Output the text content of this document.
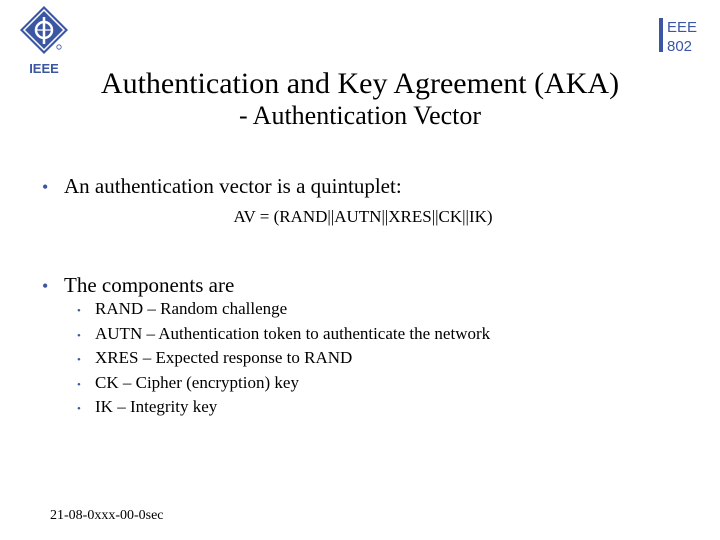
IEEE
EEE
802
Authentication and Key Agreement (AKA)
- Authentication Vector
• An authentication vector is a quintuplet:
AV = (RAND||AUTN||XRES||CK||IK)
• The components are
• RAND – Random challenge
• AUTN – Authentication token to authenticate the network
• XRES – Expected response to RAND
• CK – Cipher (encryption) key
• IK – Integrity key
21-08-0xxx-00-0sec
